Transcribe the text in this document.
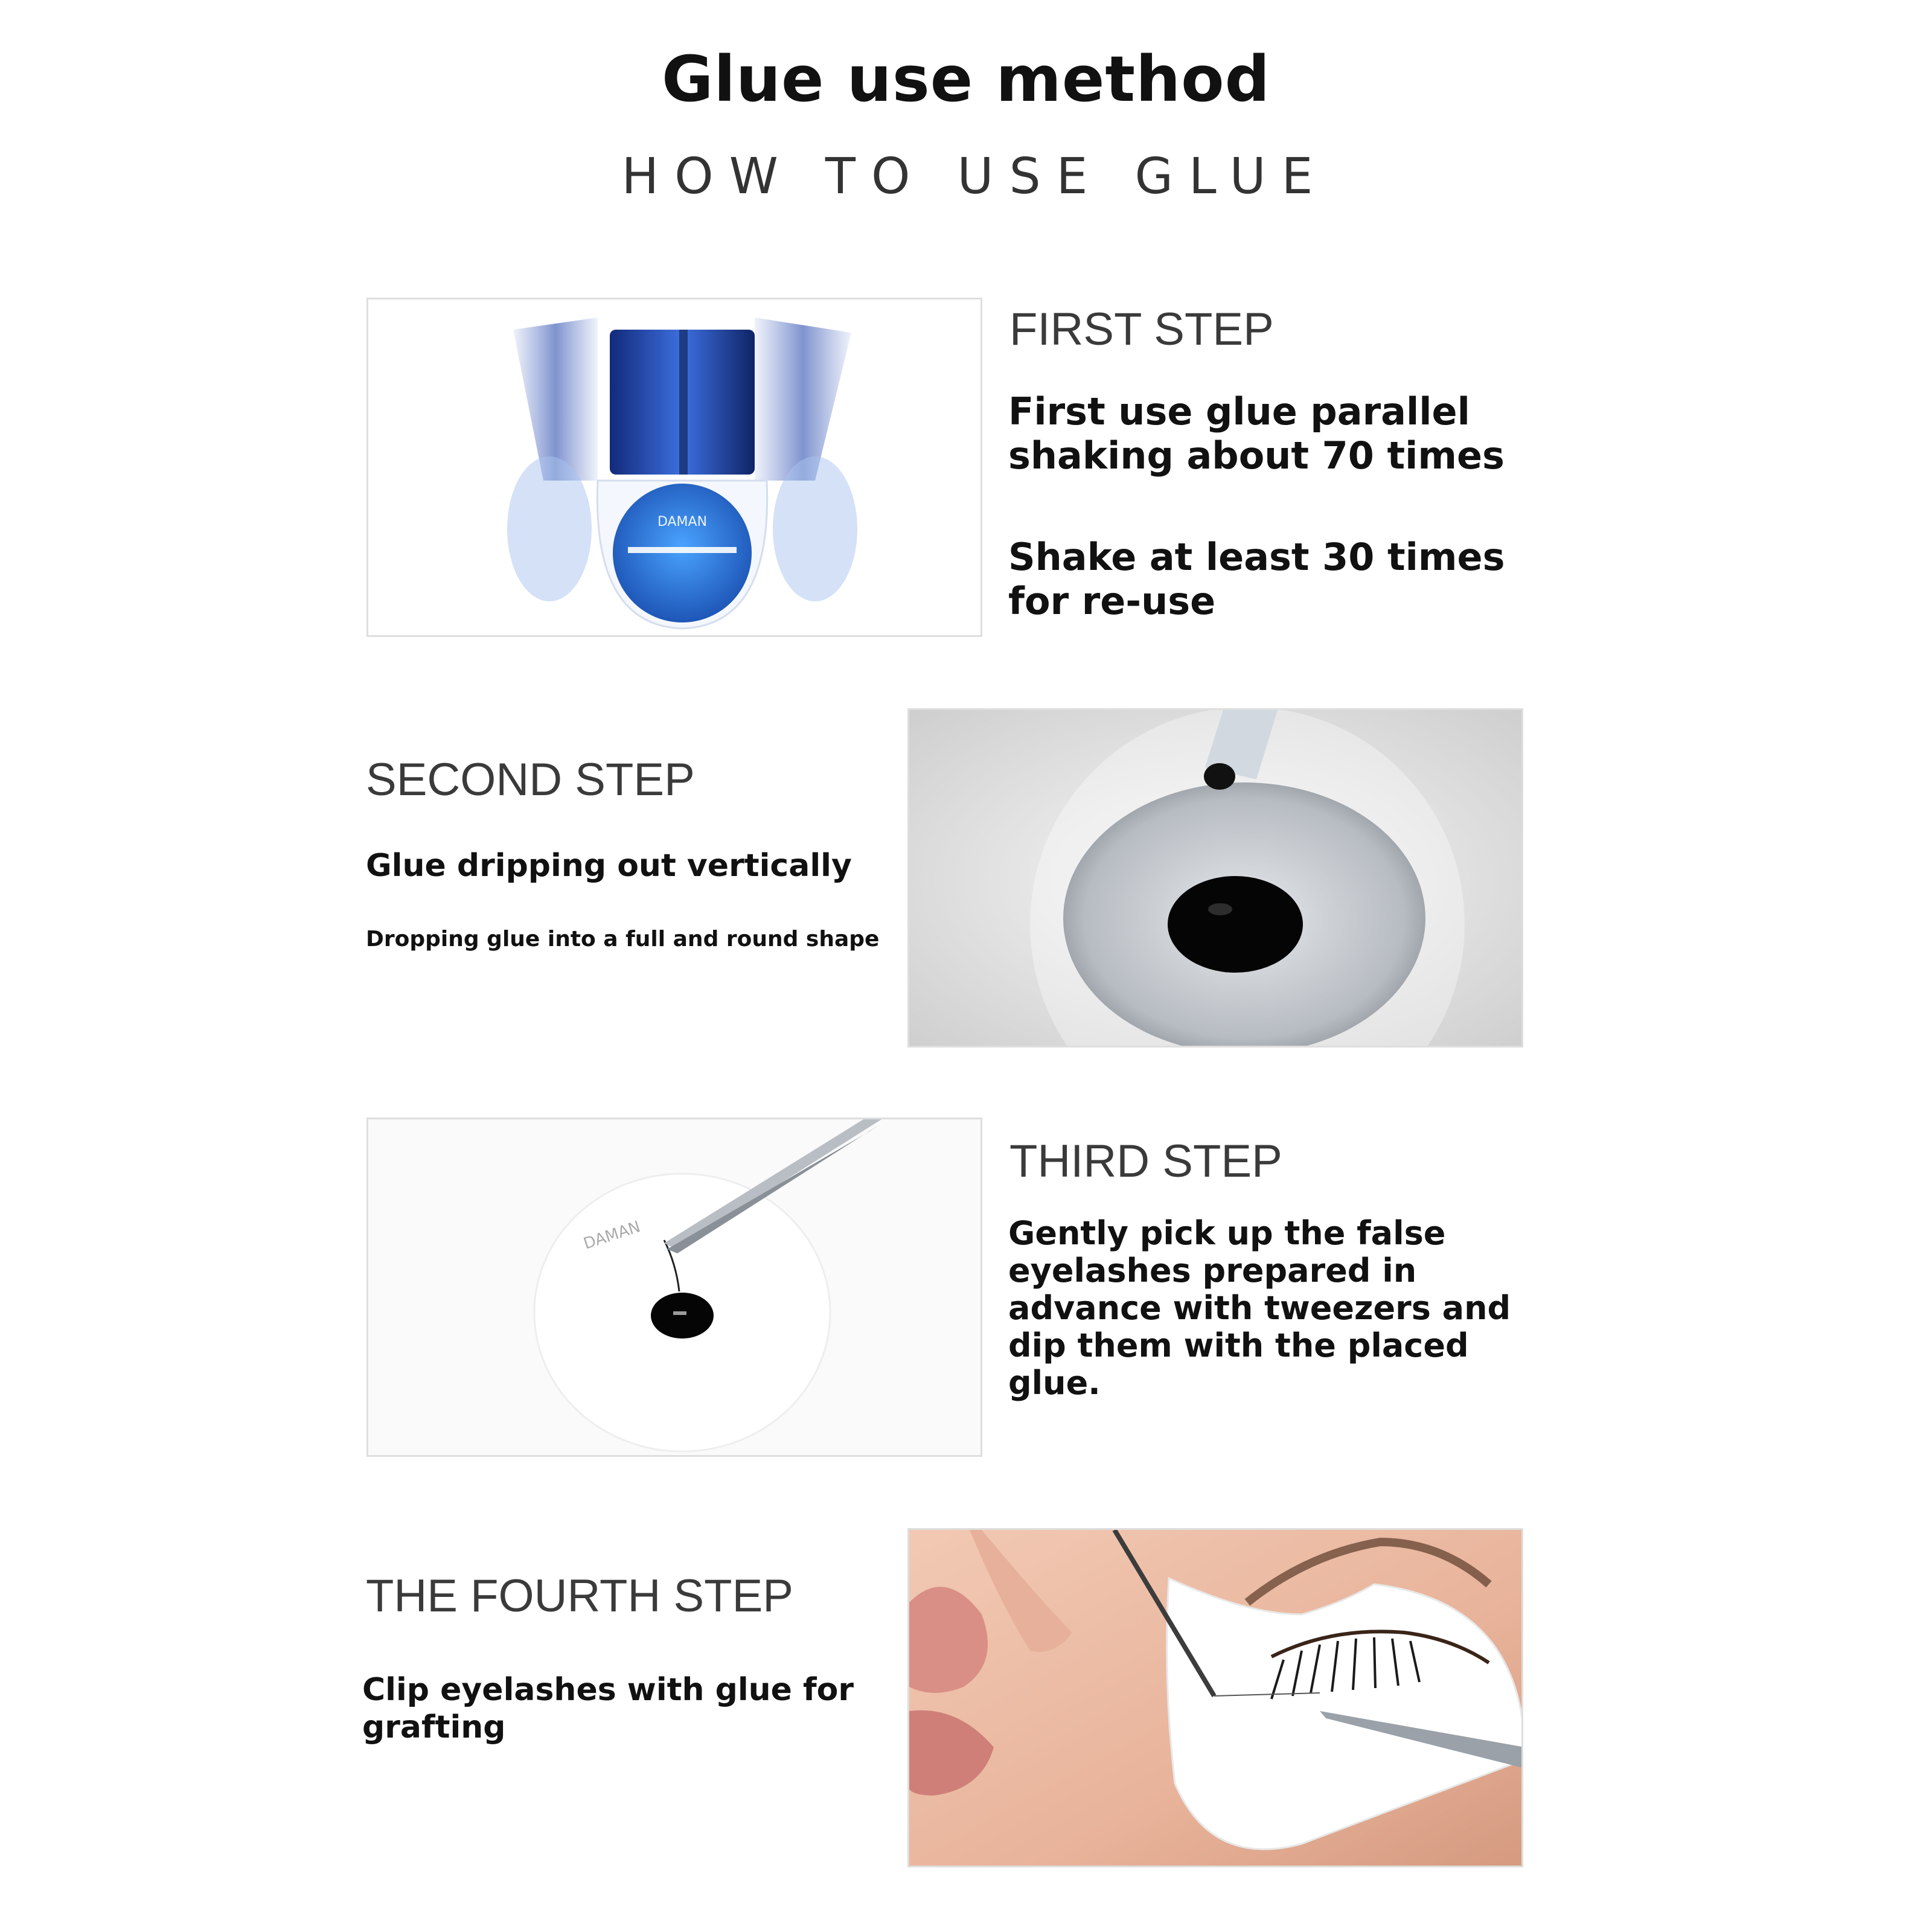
Glue use method
HOW TO USE GLUE
DAMAN
FIRST STEP
First use glue parallel
shaking about 70 times
Shake at least 30 times
for re-use
SECOND STEP
Glue dripping out vertically
Dropping glue into a full and round shape
DAMAN
THIRD STEP
Gently pick up the false
eyelashes prepared in
advance with tweezers and
dip them with the placed
glue.
THE FOURTH STEP
Clip eyelashes with glue for
grafting
